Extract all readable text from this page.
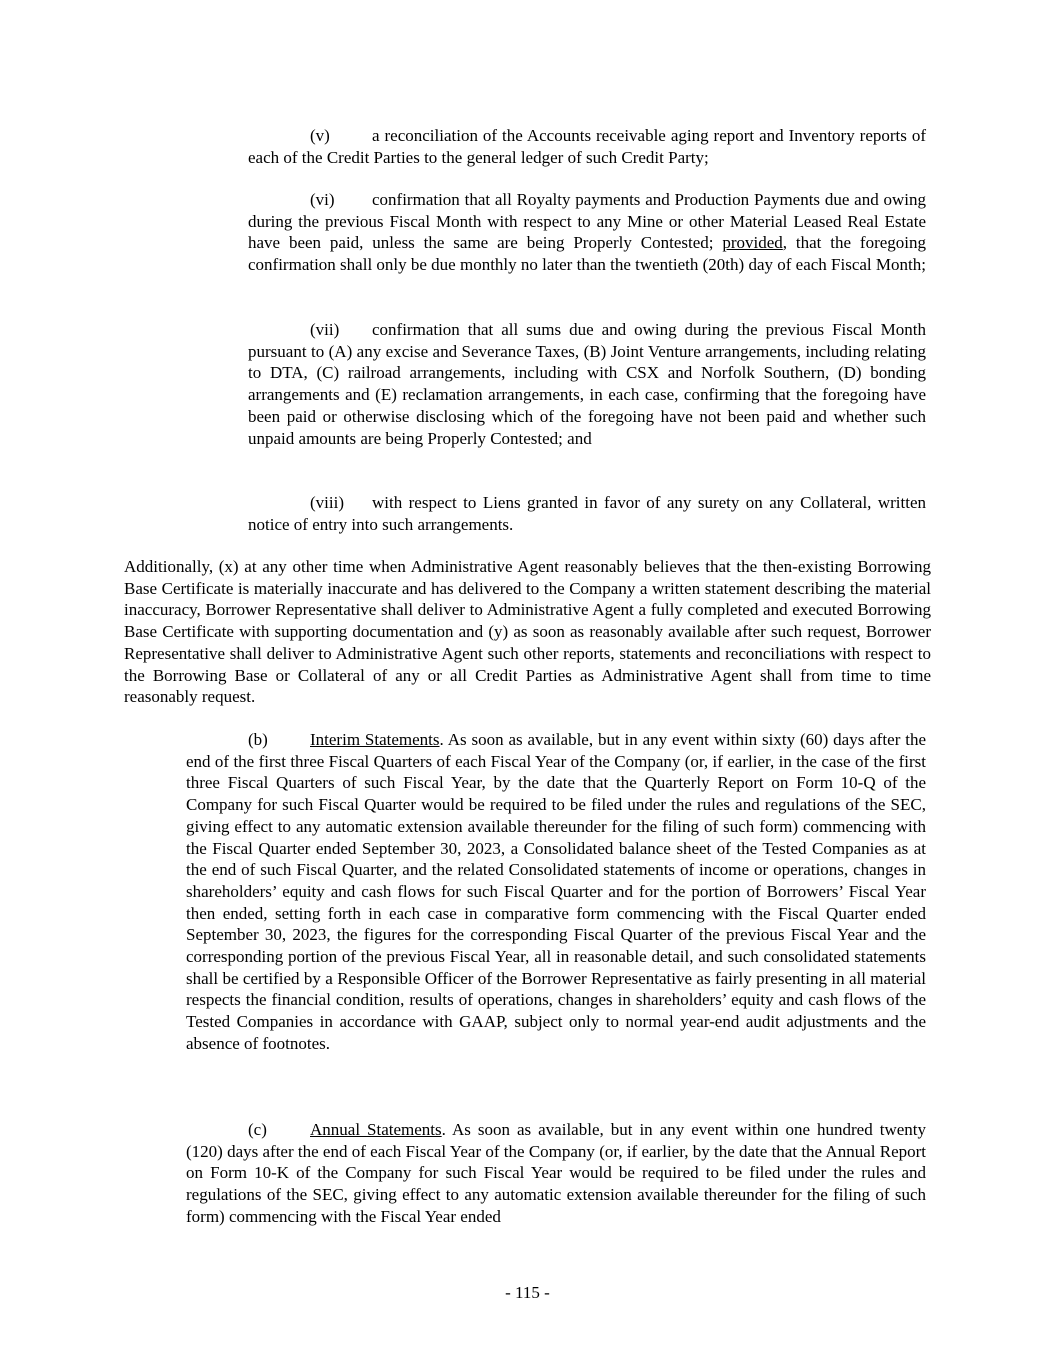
(v) a reconciliation of the Accounts receivable aging report and Inventory reports of each of the Credit Parties to the general ledger of such Credit Party;

(vi) confirmation that all Royalty payments and Production Payments due and owing during the previous Fiscal Month with respect to any Mine or other Material Leased Real Estate have been paid, unless the same are being Properly Contested; provided, that the foregoing confirmation shall only be due monthly no later than the twentieth (20th) day of each Fiscal Month;

(vii) confirmation that all sums due and owing during the previous Fiscal Month pursuant to (A) any excise and Severance Taxes, (B) Joint Venture arrangements, including relating to DTA, (C) railroad arrangements, including with CSX and Norfolk Southern, (D) bonding arrangements and (E) reclamation arrangements, in each case, confirming that the foregoing have been paid or otherwise disclosing which of the foregoing have not been paid and whether such unpaid amounts are being Properly Contested; and

(viii) with respect to Liens granted in favor of any surety on any Collateral, written notice of entry into such arrangements.

Additionally, (x) at any other time when Administrative Agent reasonably believes that the then-existing Borrowing Base Certificate is materially inaccurate and has delivered to the Company a written statement describing the material inaccuracy, Borrower Representative shall deliver to Administrative Agent a fully completed and executed Borrowing Base Certificate with supporting documentation and (y) as soon as reasonably available after such request, Borrower Representative shall deliver to Administrative Agent such other reports, statements and reconciliations with respect to the Borrowing Base or Collateral of any or all Credit Parties as Administrative Agent shall from time to time reasonably request.

(b) Interim Statements. As soon as available, but in any event within sixty (60) days after the end of the first three Fiscal Quarters of each Fiscal Year of the Company (or, if earlier, in the case of the first three Fiscal Quarters of such Fiscal Year, by the date that the Quarterly Report on Form 10-Q of the Company for such Fiscal Quarter would be required to be filed under the rules and regulations of the SEC, giving effect to any automatic extension available thereunder for the filing of such form) commencing with the Fiscal Quarter ended September 30, 2023, a Consolidated balance sheet of the Tested Companies as at the end of such Fiscal Quarter, and the related Consolidated statements of income or operations, changes in shareholders’ equity and cash flows for such Fiscal Quarter and for the portion of Borrowers’ Fiscal Year then ended, setting forth in each case in comparative form commencing with the Fiscal Quarter ended September 30, 2023, the figures for the corresponding Fiscal Quarter of the previous Fiscal Year and the corresponding portion of the previous Fiscal Year, all in reasonable detail, and such consolidated statements shall be certified by a Responsible Officer of the Borrower Representative as fairly presenting in all material respects the financial condition, results of operations, changes in shareholders’ equity and cash flows of the Tested Companies in accordance with GAAP, subject only to normal year-end audit adjustments and the absence of footnotes.

(c)	Annual Statements. As soon as available, but in any event within one hundred twenty (120) days after the end of each Fiscal Year of the Company (or, if earlier, by the date that the Annual Report on Form 10-K of the Company for such Fiscal Year would be required to be filed under the rules and regulations of the SEC, giving effect to any automatic extension available thereunder for the filing of such form) commencing with the Fiscal Year ended

- 115 -
